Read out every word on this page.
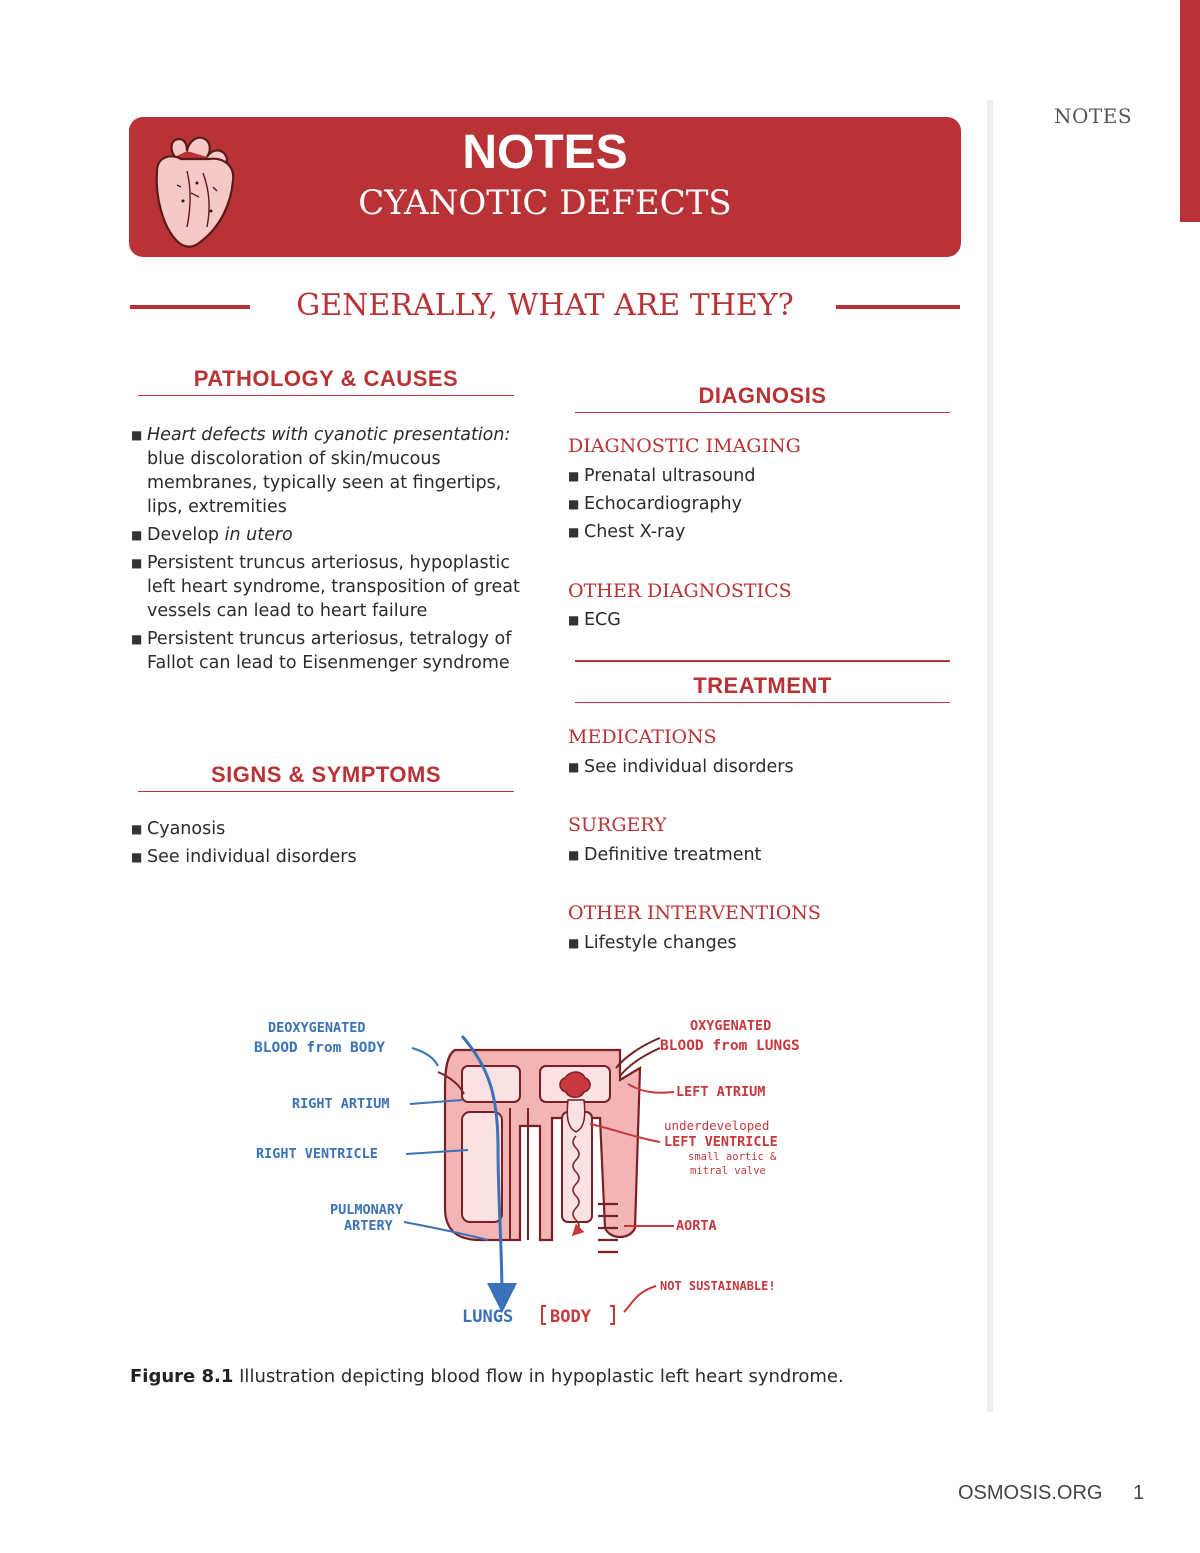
NOTES
NOTES
CYANOTIC DEFECTS
GENERALLY, WHAT ARE THEY?
PATHOLOGY & CAUSES
■ Heart defects with cyanotic presentation: blue discoloration of skin/mucous membranes, typically seen at fingertips, lips, extremities
■ Develop in utero
■ Persistent truncus arteriosus, hypoplastic left heart syndrome, transposition of great vessels can lead to heart failure
■ Persistent truncus arteriosus, tetralogy of Fallot can lead to Eisenmenger syndrome
SIGNS & SYMPTOMS
■ Cyanosis
■ See individual disorders
DIAGNOSIS
DIAGNOSTIC IMAGING
■ Prenatal ultrasound
■ Echocardiography
■ Chest X-ray
OTHER DIAGNOSTICS
■ ECG
TREATMENT
MEDICATIONS
■ See individual disorders
SURGERY
■ Definitive treatment
OTHER INTERVENTIONS
■ Lifestyle changes
DEOXYGENATED
BLOOD from BODY
RIGHT ARTIUM
RIGHT VENTRICLE
PULMONARY
ARTERY
LUNGS
OXYGENATED
BLOOD from LUNGS
LEFT ATRIUM
underdeveloped
LEFT VENTRICLE
small aortic &
mitral valve
AORTA
NOT SUSTAINABLE!
BODY
Figure 8.1 Illustration depicting blood flow in hypoplastic left heart syndrome.
OSMOSIS.ORG 1
